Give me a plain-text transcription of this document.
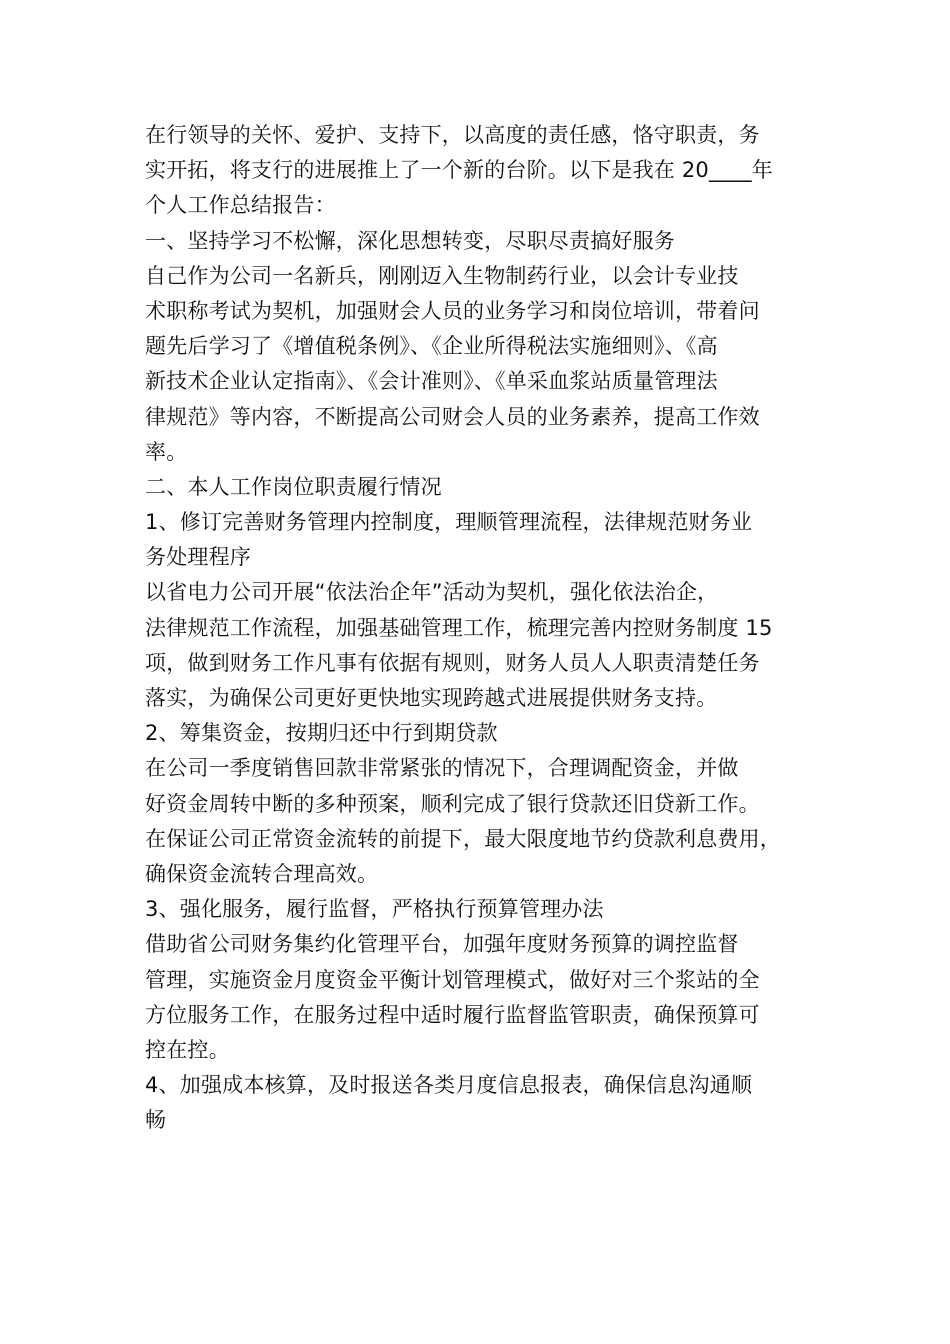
在行领导的关怀、爱护、支持下，以高度的责任感，恪守职责，务
实开拓，将支行的进展推上了一个新的台阶。以下是我在 20____年
个人工作总结报告：
一、坚持学习不松懈，深化思想转变，尽职尽责搞好服务
自己作为公司一名新兵，刚刚迈入生物制药行业，以会计专业技
术职称考试为契机，加强财会人员的业务学习和岗位培训，带着问
题先后学习了《增值税条例》、《企业所得税法实施细则》、《高
新技术企业认定指南》、《会计准则》、《单采血浆站质量管理法
律规范》等内容，不断提高公司财会人员的业务素养，提高工作效
率。
二、本人工作岗位职责履行情况
1、修订完善财务管理内控制度，理顺管理流程，法律规范财务业
务处理程序
以省电力公司开展“依法治企年”活动为契机，强化依法治企，
法律规范工作流程，加强基础管理工作，梳理完善内控财务制度 15
项，做到财务工作凡事有依据有规则，财务人员人人职责清楚任务
落实，为确保公司更好更快地实现跨越式进展提供财务支持。
2、筹集资金，按期归还中行到期贷款
在公司一季度销售回款非常紧张的情况下，合理调配资金，并做
好资金周转中断的多种预案，顺利完成了银行贷款还旧贷新工作。
在保证公司正常资金流转的前提下，最大限度地节约贷款利息费用，
确保资金流转合理高效。
3、强化服务，履行监督，严格执行预算管理办法
借助省公司财务集约化管理平台，加强年度财务预算的调控监督
管理，实施资金月度资金平衡计划管理模式，做好对三个浆站的全
方位服务工作，在服务过程中适时履行监督监管职责，确保预算可
控在控。
4、加强成本核算，及时报送各类月度信息报表，确保信息沟通顺
畅
